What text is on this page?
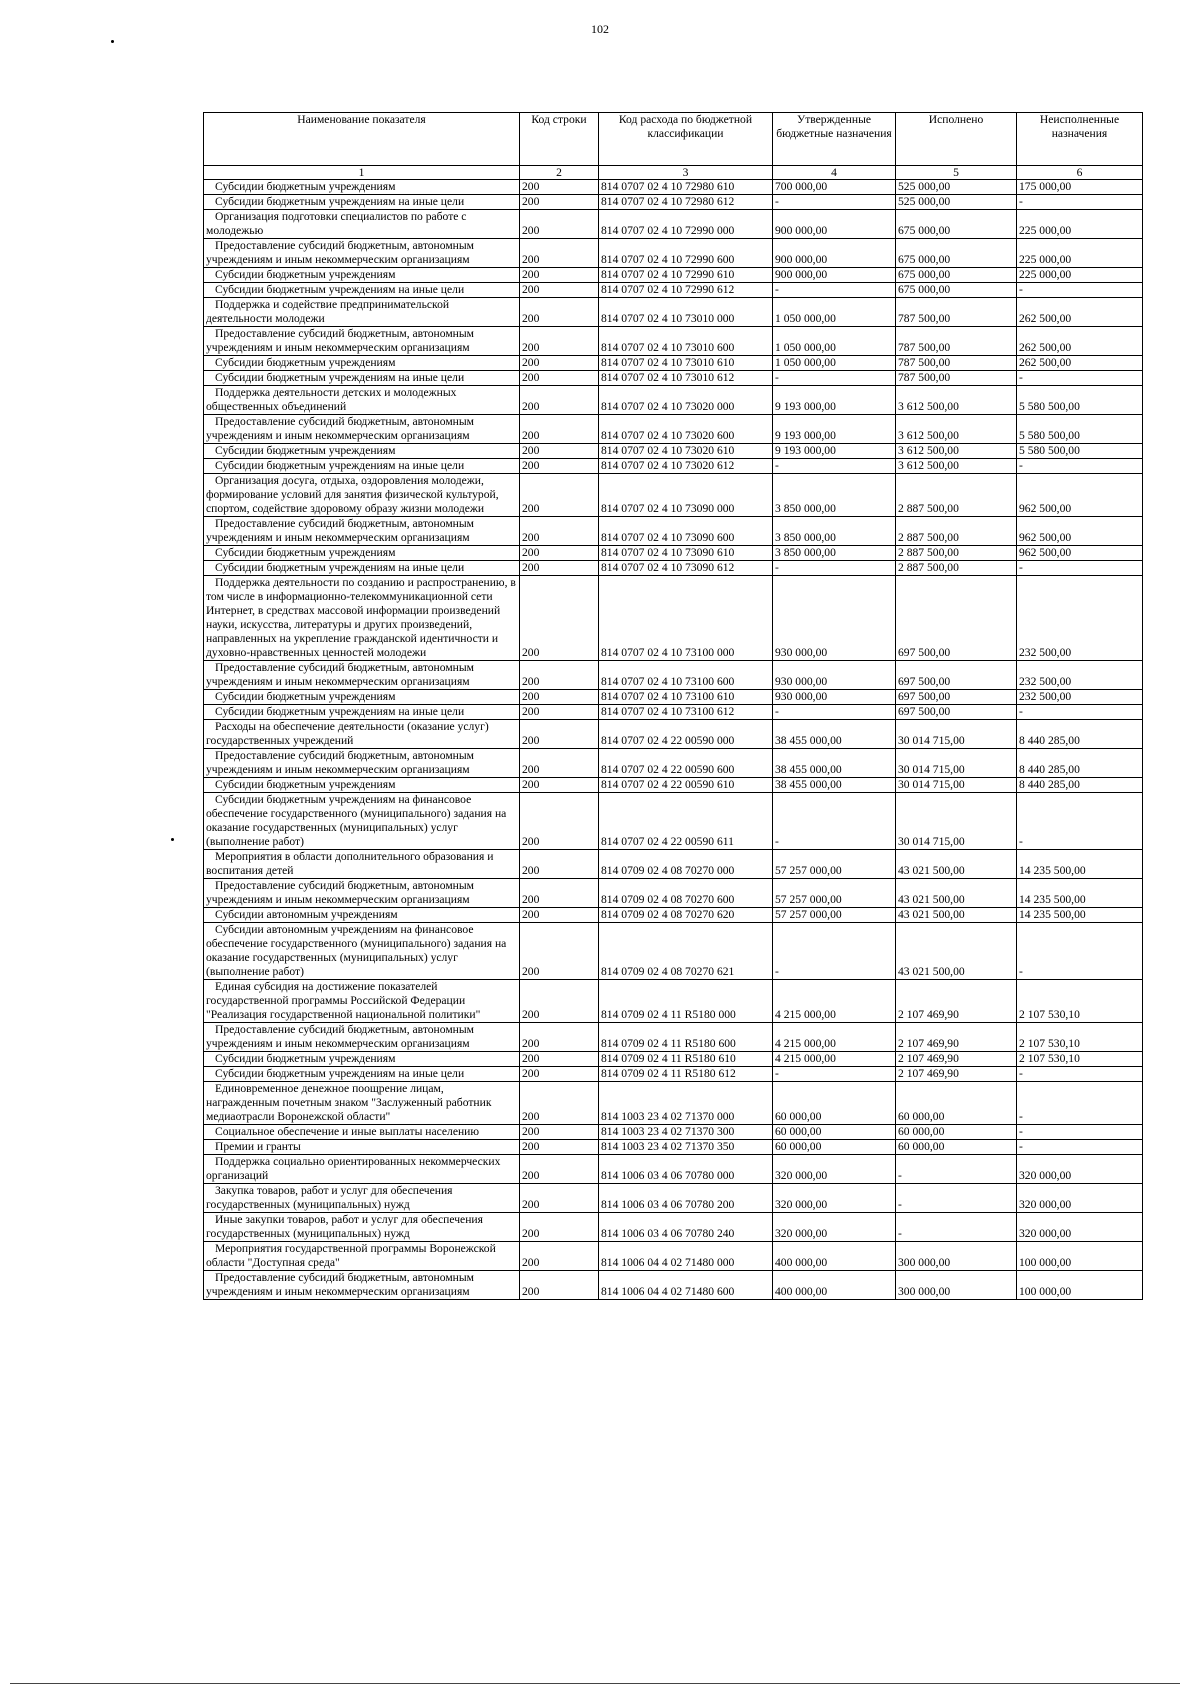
102
Наименование показателя	Код строки	Код расхода по бюджетной классификации	Утвержденные бюджетные назначения	Исполнено	Неисполненные назначения
1	2	3	4	5	6
Субсидии бюджетным учреждениям	200	814 0707 02 4 10 72980 610	700 000,00	525 000,00	175 000,00
Субсидии бюджетным учреждениям на иные цели	200	814 0707 02 4 10 72980 612	-	525 000,00	-
Организация подготовки специалистов по работе с молодежью	200	814 0707 02 4 10 72990 000	900 000,00	675 000,00	225 000,00
Предоставление субсидий бюджетным, автономным учреждениям и иным некоммерческим организациям	200	814 0707 02 4 10 72990 600	900 000,00	675 000,00	225 000,00
Субсидии бюджетным учреждениям	200	814 0707 02 4 10 72990 610	900 000,00	675 000,00	225 000,00
Субсидии бюджетным учреждениям на иные цели	200	814 0707 02 4 10 72990 612	-	675 000,00	-
Поддержка и содействие предпринимательской деятельности молодежи	200	814 0707 02 4 10 73010 000	1 050 000,00	787 500,00	262 500,00
Предоставление субсидий бюджетным, автономным учреждениям и иным некоммерческим организациям	200	814 0707 02 4 10 73010 600	1 050 000,00	787 500,00	262 500,00
Субсидии бюджетным учреждениям	200	814 0707 02 4 10 73010 610	1 050 000,00	787 500,00	262 500,00
Субсидии бюджетным учреждениям на иные цели	200	814 0707 02 4 10 73010 612	-	787 500,00	-
Поддержка деятельности детских и молодежных общественных объединений	200	814 0707 02 4 10 73020 000	9 193 000,00	3 612 500,00	5 580 500,00
Предоставление субсидий бюджетным, автономным учреждениям и иным некоммерческим организациям	200	814 0707 02 4 10 73020 600	9 193 000,00	3 612 500,00	5 580 500,00
Субсидии бюджетным учреждениям	200	814 0707 02 4 10 73020 610	9 193 000,00	3 612 500,00	5 580 500,00
Субсидии бюджетным учреждениям на иные цели	200	814 0707 02 4 10 73020 612	-	3 612 500,00	-
Организация досуга, отдыха, оздоровления молодежи, формирование условий для занятия физической культурой, спортом, содействие здоровому образу жизни молодежи	200	814 0707 02 4 10 73090 000	3 850 000,00	2 887 500,00	962 500,00
Предоставление субсидий бюджетным, автономным учреждениям и иным некоммерческим организациям	200	814 0707 02 4 10 73090 600	3 850 000,00	2 887 500,00	962 500,00
Субсидии бюджетным учреждениям	200	814 0707 02 4 10 73090 610	3 850 000,00	2 887 500,00	962 500,00
Субсидии бюджетным учреждениям на иные цели	200	814 0707 02 4 10 73090 612	-	2 887 500,00	-
Поддержка деятельности по созданию и распространению, в том числе в информационно-телекоммуникационной сети Интернет, в средствах массовой информации произведений науки, искусства, литературы и других произведений, направленных на укрепление гражданской идентичности и духовно-нравственных ценностей молодежи	200	814 0707 02 4 10 73100 000	930 000,00	697 500,00	232 500,00
Предоставление субсидий бюджетным, автономным учреждениям и иным некоммерческим организациям	200	814 0707 02 4 10 73100 600	930 000,00	697 500,00	232 500,00
Субсидии бюджетным учреждениям	200	814 0707 02 4 10 73100 610	930 000,00	697 500,00	232 500,00
Субсидии бюджетным учреждениям на иные цели	200	814 0707 02 4 10 73100 612	-	697 500,00	-
Расходы на обеспечение деятельности (оказание услуг) государственных учреждений	200	814 0707 02 4 22 00590 000	38 455 000,00	30 014 715,00	8 440 285,00
Предоставление субсидий бюджетным, автономным учреждениям и иным некоммерческим организациям	200	814 0707 02 4 22 00590 600	38 455 000,00	30 014 715,00	8 440 285,00
Субсидии бюджетным учреждениям	200	814 0707 02 4 22 00590 610	38 455 000,00	30 014 715,00	8 440 285,00
Субсидии бюджетным учреждениям на финансовое обеспечение государственного (муниципального) задания на оказание государственных (муниципальных) услуг (выполнение работ)	200	814 0707 02 4 22 00590 611	-	30 014 715,00	-
Мероприятия в области дополнительного образования и воспитания детей	200	814 0709 02 4 08 70270 000	57 257 000,00	43 021 500,00	14 235 500,00
Предоставление субсидий бюджетным, автономным учреждениям и иным некоммерческим организациям	200	814 0709 02 4 08 70270 600	57 257 000,00	43 021 500,00	14 235 500,00
Субсидии автономным учреждениям	200	814 0709 02 4 08 70270 620	57 257 000,00	43 021 500,00	14 235 500,00
Субсидии автономным учреждениям на финансовое обеспечение государственного (муниципального) задания на оказание государственных (муниципальных) услуг (выполнение работ)	200	814 0709 02 4 08 70270 621	-	43 021 500,00	-
Единая субсидия на достижение показателей государственной программы Российской Федерации "Реализация государственной национальной политики"	200	814 0709 02 4 11 R5180 000	4 215 000,00	2 107 469,90	2 107 530,10
Предоставление субсидий бюджетным, автономным учреждениям и иным некоммерческим организациям	200	814 0709 02 4 11 R5180 600	4 215 000,00	2 107 469,90	2 107 530,10
Субсидии бюджетным учреждениям	200	814 0709 02 4 11 R5180 610	4 215 000,00	2 107 469,90	2 107 530,10
Субсидии бюджетным учреждениям на иные цели	200	814 0709 02 4 11 R5180 612	-	2 107 469,90	-
Единовременное денежное поощрение лицам, награжденным почетным знаком "Заслуженный работник медиаотрасли Воронежской области"	200	814 1003 23 4 02 71370 000	60 000,00	60 000,00	-
Социальное обеспечение и иные выплаты населению	200	814 1003 23 4 02 71370 300	60 000,00	60 000,00	-
Премии и гранты	200	814 1003 23 4 02 71370 350	60 000,00	60 000,00	-
Поддержка социально ориентированных некоммерческих организаций	200	814 1006 03 4 06 70780 000	320 000,00	-	320 000,00
Закупка товаров, работ и услуг для обеспечения государственных (муниципальных) нужд	200	814 1006 03 4 06 70780 200	320 000,00	-	320 000,00
Иные закупки товаров, работ и услуг для обеспечения государственных (муниципальных) нужд	200	814 1006 03 4 06 70780 240	320 000,00	-	320 000,00
Мероприятия государственной программы Воронежской области "Доступная среда"	200	814 1006 04 4 02 71480 000	400 000,00	300 000,00	100 000,00
Предоставление субсидий бюджетным, автономным учреждениям и иным некоммерческим организациям	200	814 1006 04 4 02 71480 600	400 000,00	300 000,00	100 000,00
